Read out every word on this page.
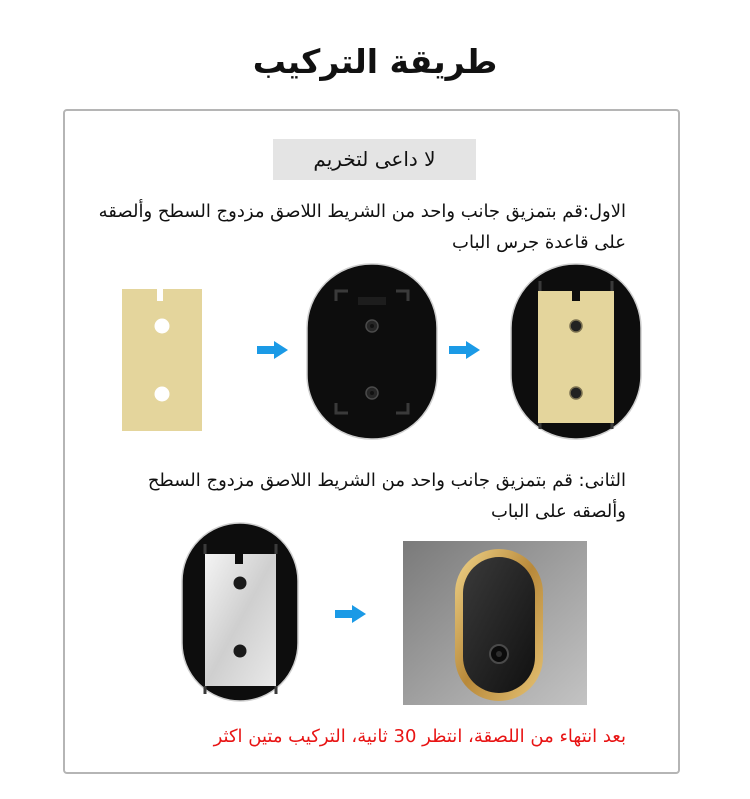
طريقة التركيب
لا داعى لتخريم
الاول:قم بتمزيق جانب واحد من الشريط اللاصق مزدوج السطح وألصقه على قاعدة جرس الباب
الثانى: قم بتمزيق جانب واحد من الشريط اللاصق مزدوج السطح وألصقه على الباب
بعد انتهاء من اللصقة، انتظر 30 ثانية، التركيب متين اكثر
